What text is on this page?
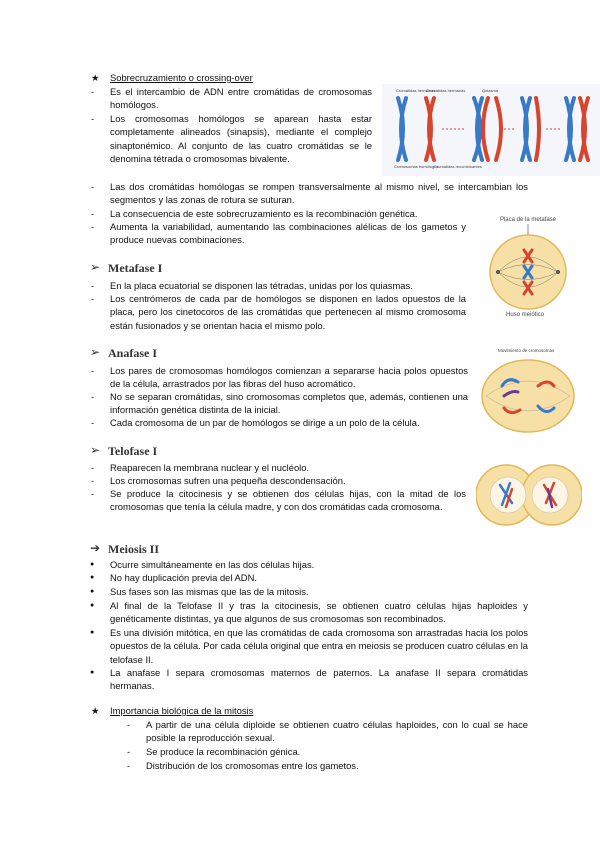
★ Sobrecruzamiento o crossing-over

- Es el intercambio de ADN entre cromátidas de cromosomas homólogos.

- Los cromosomas homólogos se aparean hasta estar completamente alineados (sinapsis), mediante el complejo sinaptonémico. Al conjunto de las cuatro cromátidas se le denomina tétrada o cromosomas bivalente.

- Las dos cromátidas homólogas se rompen transversalmente al mismo nivel, se intercambian los segmentos y las zonas de rotura se suturan.

- La consecuencia de este sobrecruzamiento es la recombinación genética.

- Aumenta la variabilidad, aumentando las combinaciones alélicas de los gametos y produce nuevas combinaciones.

Cromátidas hermanas
Cromátidas hermanas	Quiasma
Cromosomas homólogos
Cromátidas recombinantes
➢ Metafase I
- En la placa ecuatorial se disponen las tétradas, unidas por los quiasmas.

- Los centrómeros de cada par de homólogos se disponen en lados opuestos de la placa, pero los cinetocoros de las cromátidas que pertenecen al mismo cromosoma están fusionados y se orientan hacia el mismo polo.

Placa de la metafase
Huso meiótico
➢ Anafase I
- Los pares de cromosomas homólogos comienzan a separarse hacia polos opuestos de la célula, arrastrados por las fibras del huso acromático.

- No se separan cromátidas, sino cromosomas completos que, además, contienen una información genética distinta de la inicial.

- Cada cromosoma de un par de homólogos se dirige a un polo de la célula.

Movimiento de cromosomas
➢ Telofase I
- Reaparecen la membrana nuclear y el nucléolo.

- Los cromosomas sufren una pequeña descondensación.

- Se produce la citocinesis y se obtienen dos células hijas, con la mitad de los cromosomas que tenía la célula madre, y con dos cromátidas cada cromosoma.

➔ Meiosis II
● Ocurre simultáneamente en las dos células hijas.

● No hay duplicación previa del ADN.

● Sus fases son las mismas que las de la mitosis.

● Al final de la Telofase II y tras la citocinesis, se obtienen cuatro células hijas haploides y genéticamente distintas, ya que algunos de sus cromosomas son recombinados.

● Es una división mitótica, en que las cromátidas de cada cromosoma son arrastradas hacia los polos opuestos de la célula. Por cada célula original que entra en meiosis se producen cuatro células en la telofase II.

● La anafase I separa cromosomas maternos de paternos. La anafase II separa cromátidas hermanas.

★ Importancia biológica de la mitosis

- A partir de una célula diploide se obtienen cuatro células haploides, con lo cual se hace posible la reproducción sexual.

- Se produce la recombinación génica.

- Distribución de los cromosomas entre los gametos.
